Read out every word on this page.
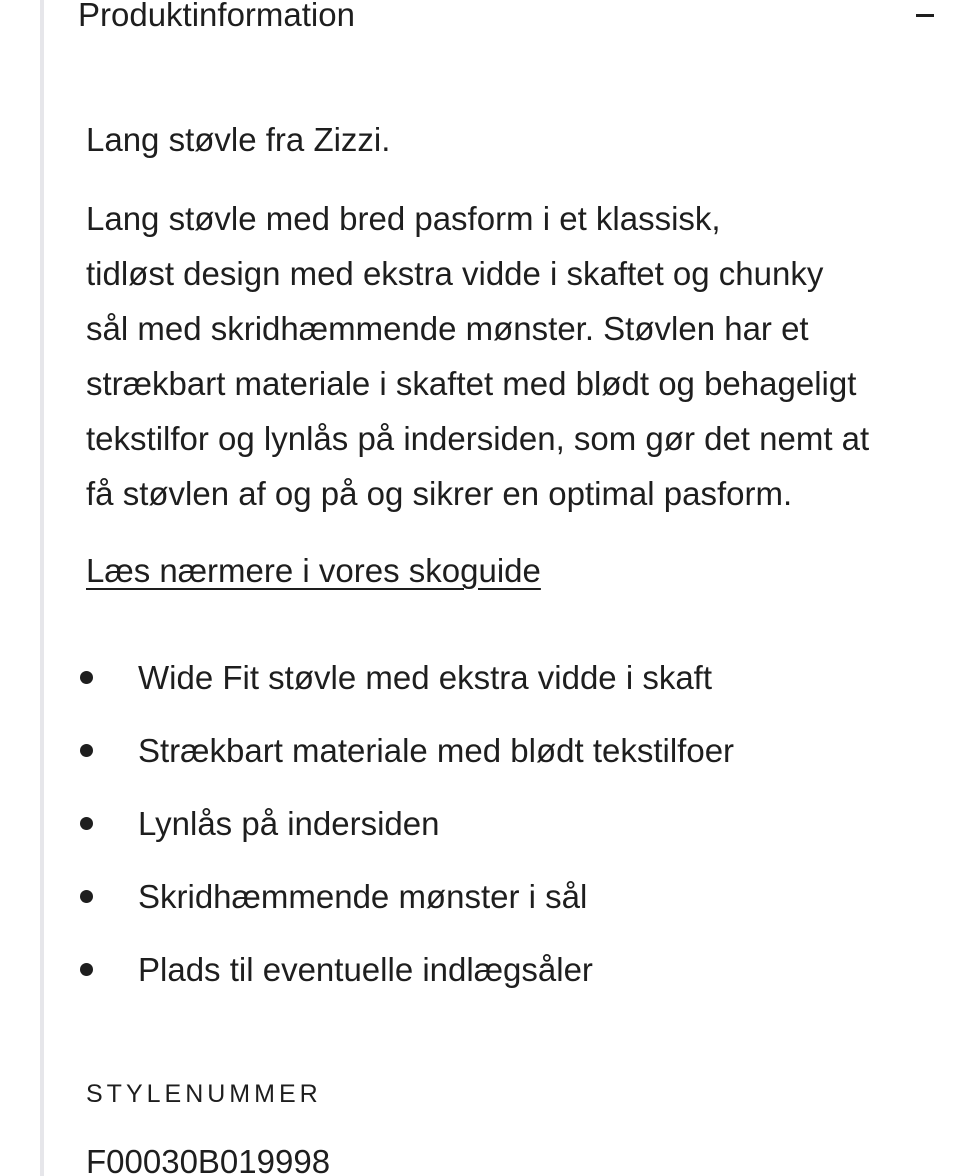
Produktinformation

Lang støvle fra Zizzi.

Lang støvle med bred pasform i et klassisk,
tidløst design med ekstra vidde i skaftet og chunky
sål med skridhæmmende mønster. Støvlen har et
strækbart materiale i skaftet med blødt og behageligt
tekstilfor og lynlås på indersiden, som gør det nemt at
få støvlen af og på og sikrer en optimal pasform.

Læs nærmere i vores skoguide
Wide Fit støvle med ekstra vidde i skaft
Strækbart materiale med blødt tekstilfoer
Lynlås på indersiden
Skridhæmmende mønster i sål
Plads til eventuelle indlægsåler
STYLENUMMER
F00030B019998
